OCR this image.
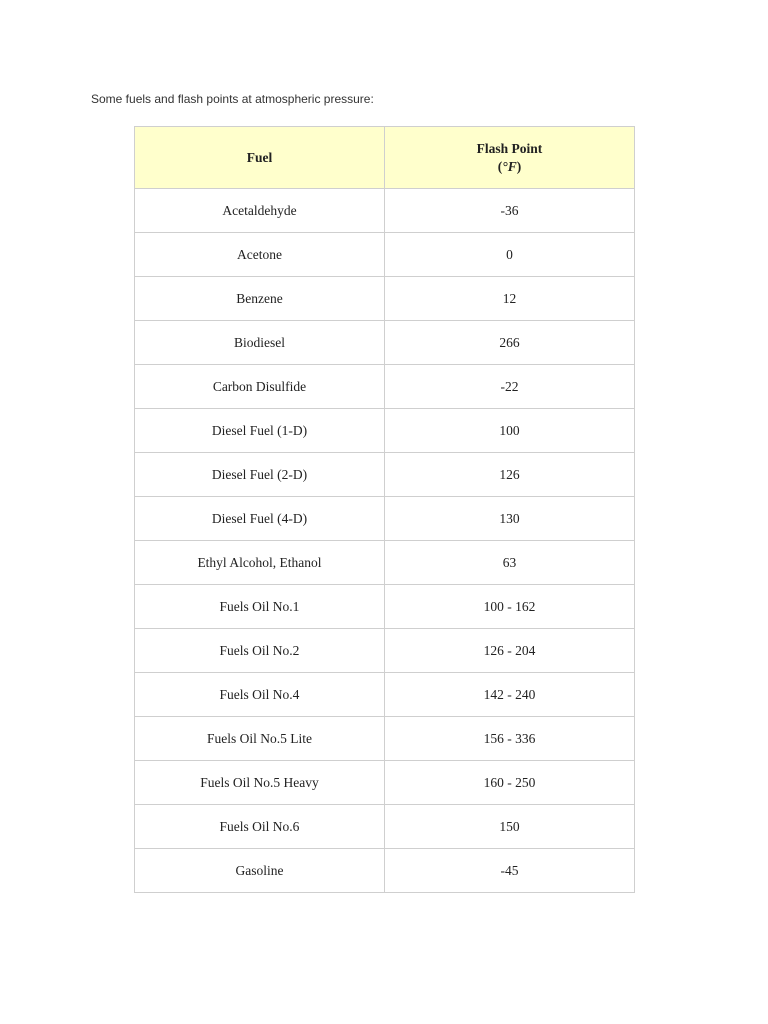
Some fuels and flash points at atmospheric pressure:
Fuel	Flash Point
(°F)
Acetaldehyde	-36
Acetone	0
Benzene	12
Biodiesel	266
Carbon Disulfide	-22
Diesel Fuel (1-D)	100
Diesel Fuel (2-D)	126
Diesel Fuel (4-D)	130
Ethyl Alcohol, Ethanol	63
Fuels Oil No.1	100 - 162
Fuels Oil No.2	126 - 204
Fuels Oil No.4	142 - 240
Fuels Oil No.5 Lite	156 - 336
Fuels Oil No.5 Heavy	160 - 250
Fuels Oil No.6	150
Gasoline	-45
